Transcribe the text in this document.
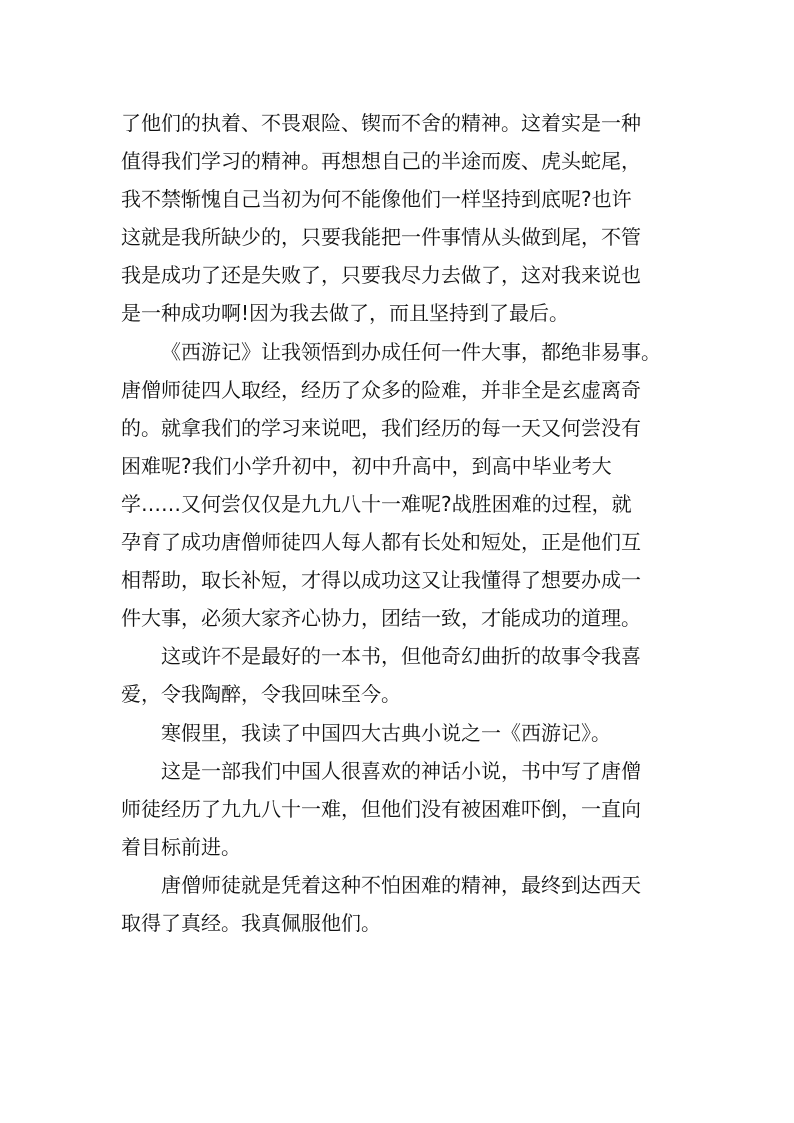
了他们的执着、不畏艰险、锲而不舍的精神。这着实是一种
值得我们学习的精神。再想想自己的半途而废、虎头蛇尾，
我不禁惭愧自己当初为何不能像他们一样坚持到底呢?也许
这就是我所缺少的，只要我能把一件事情从头做到尾，不管
我是成功了还是失败了，只要我尽力去做了，这对我来说也
是一种成功啊!因为我去做了，而且坚持到了最后。
《西游记》让我领悟到办成任何一件大事，都绝非易事。
唐僧师徒四人取经，经历了众多的险难，并非全是玄虚离奇
的。就拿我们的学习来说吧，我们经历的每一天又何尝没有
困难呢?我们小学升初中，初中升高中，到高中毕业考大
学……又何尝仅仅是九九八十一难呢?战胜困难的过程，就
孕育了成功唐僧师徒四人每人都有长处和短处，正是他们互
相帮助，取长补短，才得以成功这又让我懂得了想要办成一
件大事，必须大家齐心协力，团结一致，才能成功的道理。
这或许不是最好的一本书，但他奇幻曲折的故事令我喜
爱，令我陶醉，令我回味至今。
寒假里，我读了中国四大古典小说之一《西游记》。
这是一部我们中国人很喜欢的神话小说，书中写了唐僧
师徒经历了九九八十一难，但他们没有被困难吓倒，一直向
着目标前进。
唐僧师徒就是凭着这种不怕困难的精神，最终到达西天
取得了真经。我真佩服他们。
